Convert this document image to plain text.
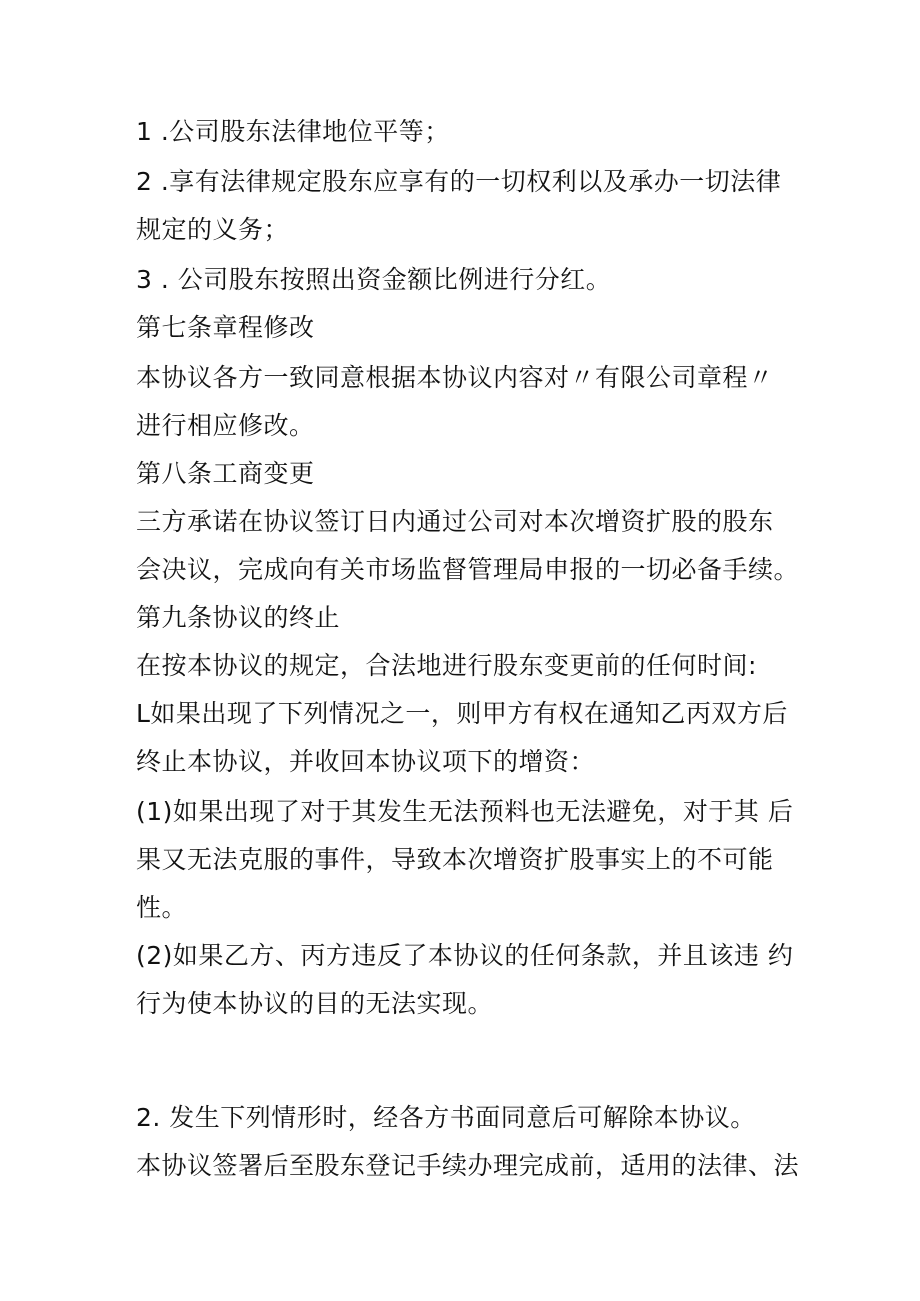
1 .公司股东法律地位平等；
2 .享有法律规定股东应享有的一切权利以及承办一切法律
规定的义务；
3 . 公司股东按照出资金额比例进行分红。
第七条章程修改
本协议各方一致同意根据本协议内容对〃有限公司章程〃
进行相应修改。
第八条工商变更
三方承诺在协议签订日内通过公司对本次增资扩股的股东
会决议，完成向有关市场监督管理局申报的一切必备手续。
第九条协议的终止
在按本协议的规定，合法地进行股东变更前的任何时间:
L如果出现了下列情况之一，则甲方有权在通知乙丙双方后
终止本协议，并收回本协议项下的增资：
(1)如果出现了对于其发生无法预料也无法避免，对于其 后
果又无法克服的事件，导致本次增资扩股事实上的不可能
性。
(2)如果乙方、丙方违反了本协议的任何条款，并且该违 约
行为使本协议的目的无法实现。
2. 发生下列情形时，经各方书面同意后可解除本协议。
本协议签署后至股东登记手续办理完成前，适用的法律、法
